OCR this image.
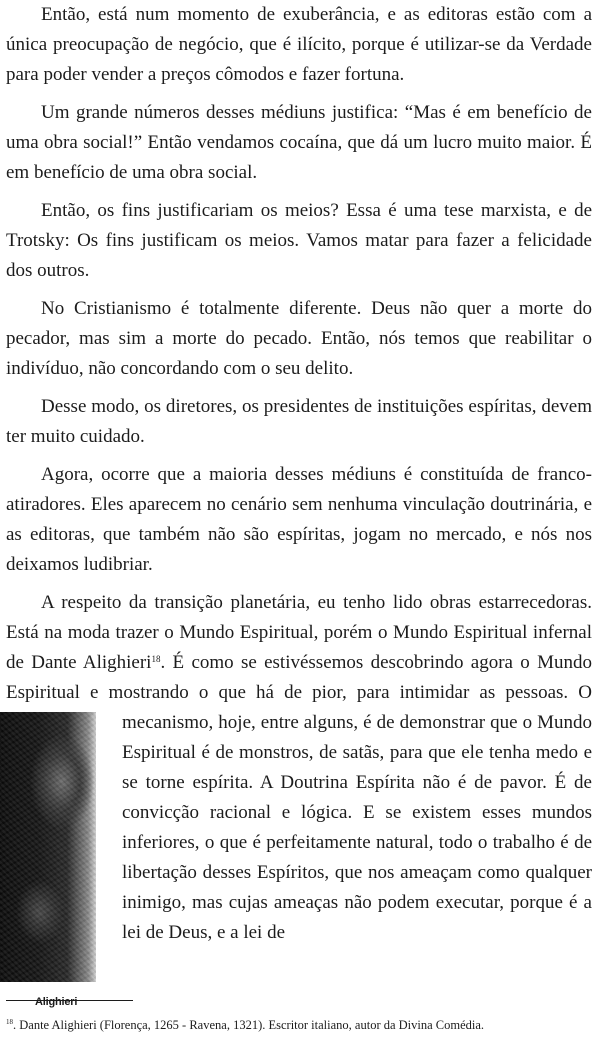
Então, está num momento de exuberância, e as editoras estão com a única preocupação de negócio, que é ilícito, porque é utilizar-se da Verdade para poder vender a preços cômodos e fazer fortuna.

Um grande números desses médiuns justifica: “Mas é em benefício de uma obra social!” Então vendamos cocaína, que dá um lucro muito maior. É em benefício de uma obra social.

Então, os fins justificariam os meios? Essa é uma tese marxista, e de Trotsky: Os fins justificam os meios. Vamos matar para fazer a felicidade dos outros.

No Cristianismo é totalmente diferente. Deus não quer a morte do pecador, mas sim a morte do pecado. Então, nós temos que reabilitar o indivíduo, não concordando com o seu delito.

Desse modo, os diretores, os presidentes de instituições espíritas, devem ter muito cuidado.

Agora, ocorre que a maioria desses médiuns é constituída de franco-atiradores. Eles aparecem no cenário sem nenhuma vinculação doutrinária, e as editoras, que também não são espíritas, jogam no mercado, e nós nos deixamos ludibriar.

Alighieri
A respeito da transição planetária, eu tenho lido obras estarrecedoras. Está na moda trazer o Mundo Espiritual, porém o Mundo Espiritual infernal de Dante Alighieri$^{18}$. É como se estivéssemos descobrindo agora o Mundo Espiritual e mostrando o que há de pior, para intimidar as pessoas. O mecanismo, hoje, entre alguns, é de demonstrar que o Mundo Espiritual é de monstros, de satãs, para que ele tenha medo e se torne espírita. A Doutrina Espírita não é de pavor. É de convicção racional e lógica. E se existem esses mundos inferiores, o que é perfeitamente natural, todo o trabalho é de libertação desses Espíritos, que nos ameaçam como qualquer inimigo, mas cujas ameaças não podem executar, porque é a lei de Deus, e a lei de

$^{18}$. Dante Alighieri (Florença, 1265 - Ravena, 1321). Escritor italiano, autor da Divina Comédia.
